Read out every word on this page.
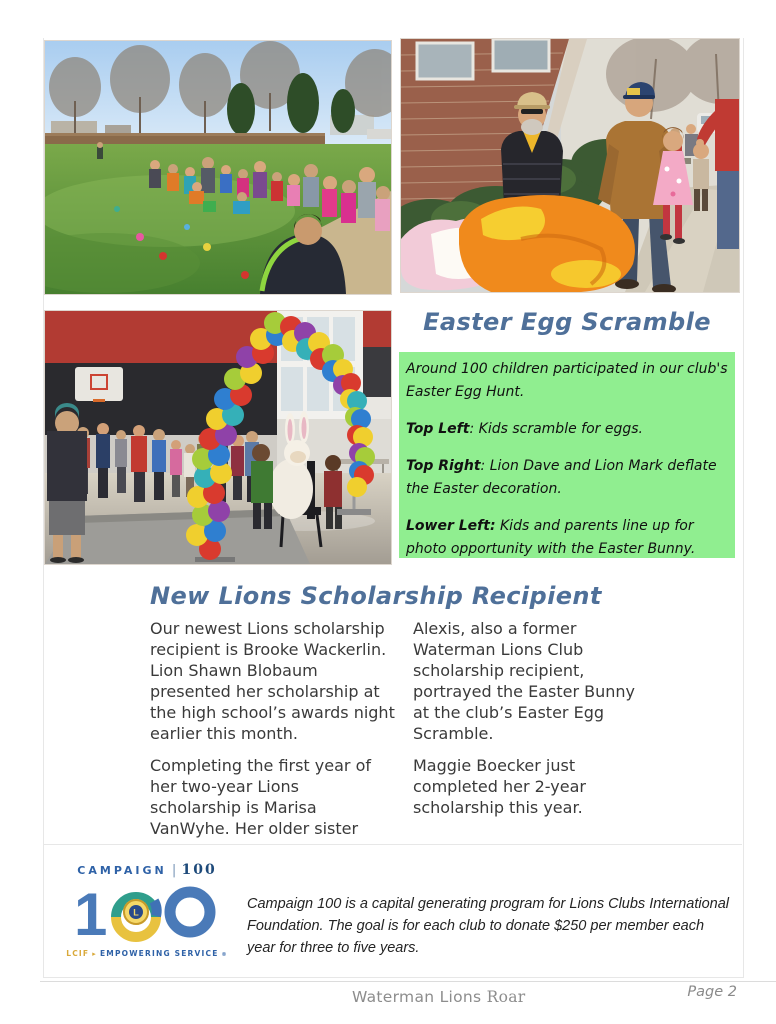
Easter Egg Scramble

Around 100 children participated in our club's Easter Egg Hunt.

Top Left: Kids scramble for eggs.

Top Right: Lion Dave and Lion Mark deflate the Easter decoration.

Lower Left: Kids and parents line up for photo opportunity with the Easter Bunny.

New Lions Scholarship Recipient

Our newest Lions scholarship recipient is Brooke Wackerlin. Lion Shawn Blobaum presented her scholarship at the high school’s awards night earlier this month.

Completing the first year of her two-year Lions scholarship is Marisa VanWyhe. Her older sister

Alexis, also a former Waterman Lions Club scholarship recipient, portrayed the Easter Bunny at the club’s Easter Egg Scramble.

Maggie Boecker just completed her 2-year scholarship this year.

CAMPAIGN | 100
1	L
LCIF ▸ EMPOWERING SERVICE ®

Campaign 100 is a capital generating program for Lions Clubs International Foundation. The goal is for each club to donate $250 per member each year for three to five years.

Waterman Lions Roar	Page 2
